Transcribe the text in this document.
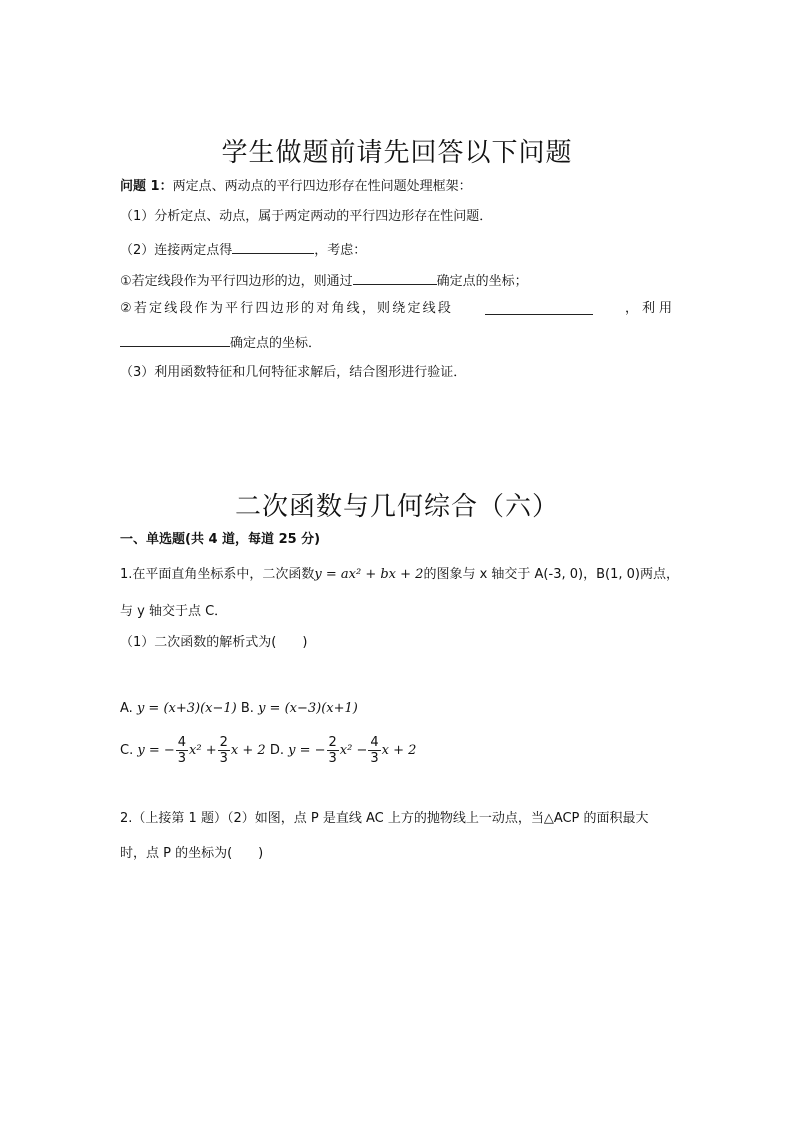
学生做题前请先回答以下问题
问题 1：两定点、两动点的平行四边形存在性问题处理框架：
（1）分析定点、动点，属于两定两动的平行四边形存在性问题．
（2）连接两定点得	，考虑：
①若定线段作为平行四边形的边，则通过	确定点的坐标；
②若定线段作为平行四边形的对角线，则绕定线段	，利用
确定点的坐标．
（3）利用函数特征和几何特征求解后，结合图形进行验证．
二次函数与几何综合（六）
一、单选题(共 4 道，每道 25 分)
1.在平面直角坐标系中，二次函数y = ax² + bx + 2的图象与 x 轴交于 A(-3, 0)，B(1, 0)两点，
与 y 轴交于点 C．
（1）二次函数的解析式为(　　)
A. y = (x+3)(x−1) B. y = (x−3)(x+1)
C. y = − $\frac{4}{3} x^2 + \frac{2}{3}$ x + 2 D. y = − $\frac{2}{3} x^2 - \frac{4}{3}$ x + 2
2.（上接第 1 题）（2）如图，点 P 是直线 AC 上方的抛物线上一动点，当△ACP 的面积最大
时，点 P 的坐标为(　　)
